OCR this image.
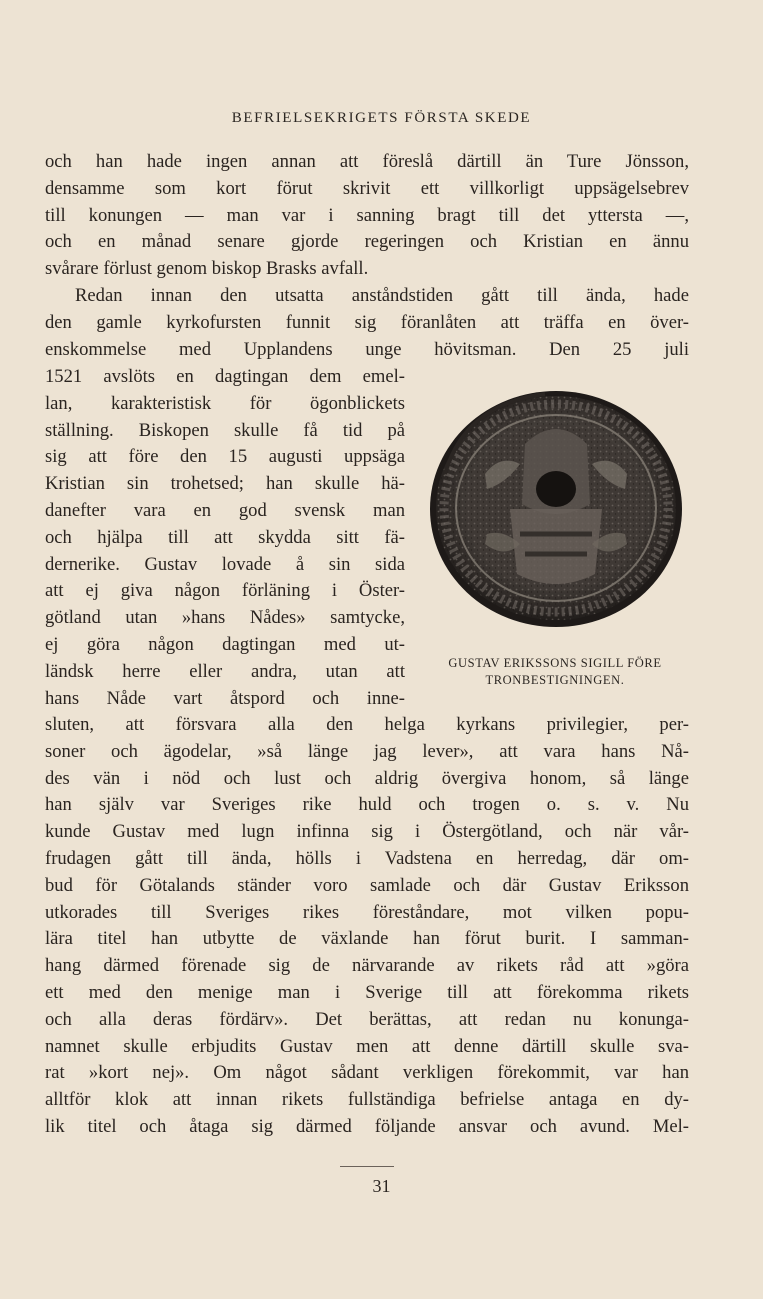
BEFRIELSEKRIGETS FÖRSTA SKEDE
och han hade ingen annan att föreslå därtill än Ture Jönsson,
densamme som kort förut skrivit ett villkorligt uppsägelsebrev
till konungen — man var i sanning bragt till det yttersta —,
och en månad senare gjorde regeringen och Kristian en ännu
svårare förlust genom biskop Brasks avfall.
Redan innan den utsatta anståndstiden gått till ända, hade
den gamle kyrkofursten funnit sig föranlåten att träffa en över-
enskommelse med Upplandens unge hövitsman. Den 25 juli
1521 avslöts en dagtingan dem emel-
lan, karakteristisk för ögonblickets
ställning. Biskopen skulle få tid på
sig att före den 15 augusti uppsäga
Kristian sin trohetsed; han skulle hä-
danefter vara en god svensk man
och hjälpa till att skydda sitt fä-
dernerike. Gustav lovade å sin sida
att ej giva någon förläning i Öster-
götland utan »hans Nådes» samtycke,
ej göra någon dagtingan med ut-
ländsk herre eller andra, utan att
hans Nåde vart åtspord och inne-
GUSTAV ERIKSSONS SIGILL FÖRE
TRONBESTIGNINGEN.
sluten, att försvara alla den helga kyrkans privilegier, per-
soner och ägodelar, »så länge jag lever», att vara hans Nå-
des vän i nöd och lust och aldrig övergiva honom, så länge
han själv var Sveriges rike huld och trogen o. s. v. Nu
kunde Gustav med lugn infinna sig i Östergötland, och när vår-
frudagen gått till ända, hölls i Vadstena en herredag, där om-
bud för Götalands ständer voro samlade och där Gustav Eriksson
utkorades till Sveriges rikes föreståndare, mot vilken popu-
lära titel han utbytte de växlande han förut burit. I samman-
hang därmed förenade sig de närvarande av rikets råd att »göra
ett med den menige man i Sverige till att förekomma rikets
och alla deras fördärv». Det berättas, att redan nu konunga-
namnet skulle erbjudits Gustav men att denne därtill skulle sva-
rat »kort nej». Om något sådant verkligen förekommit, var han
alltför klok att innan rikets fullständiga befrielse antaga en dy-
lik titel och åtaga sig därmed följande ansvar och avund. Mel-
31
